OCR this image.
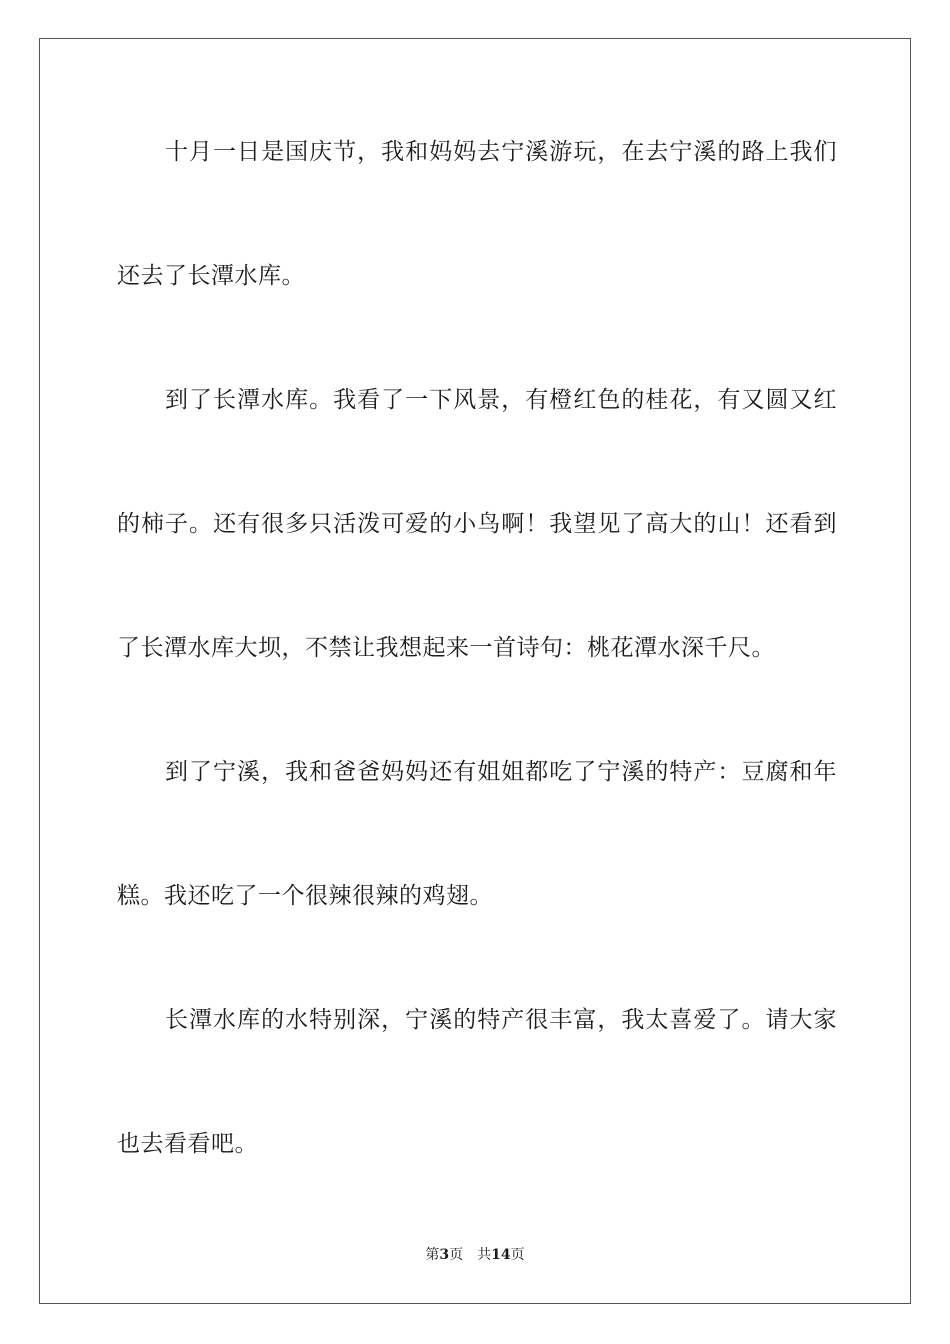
十月一日是国庆节，我和妈妈去宁溪游玩，在去宁溪的路上我们
还去了长潭水库。
到了长潭水库。我看了一下风景，有橙红色的桂花，有又圆又红
的柿子。还有很多只活泼可爱的小鸟啊！我望见了高大的山！还看到
了长潭水库大坝，不禁让我想起来一首诗句：桃花潭水深千尺。
到了宁溪，我和爸爸妈妈还有姐姐都吃了宁溪的特产：豆腐和年
糕。我还吃了一个很辣很辣的鸡翅。
长潭水库的水特别深，宁溪的特产很丰富，我太喜爱了。请大家
也去看看吧。
第3页 共14页
